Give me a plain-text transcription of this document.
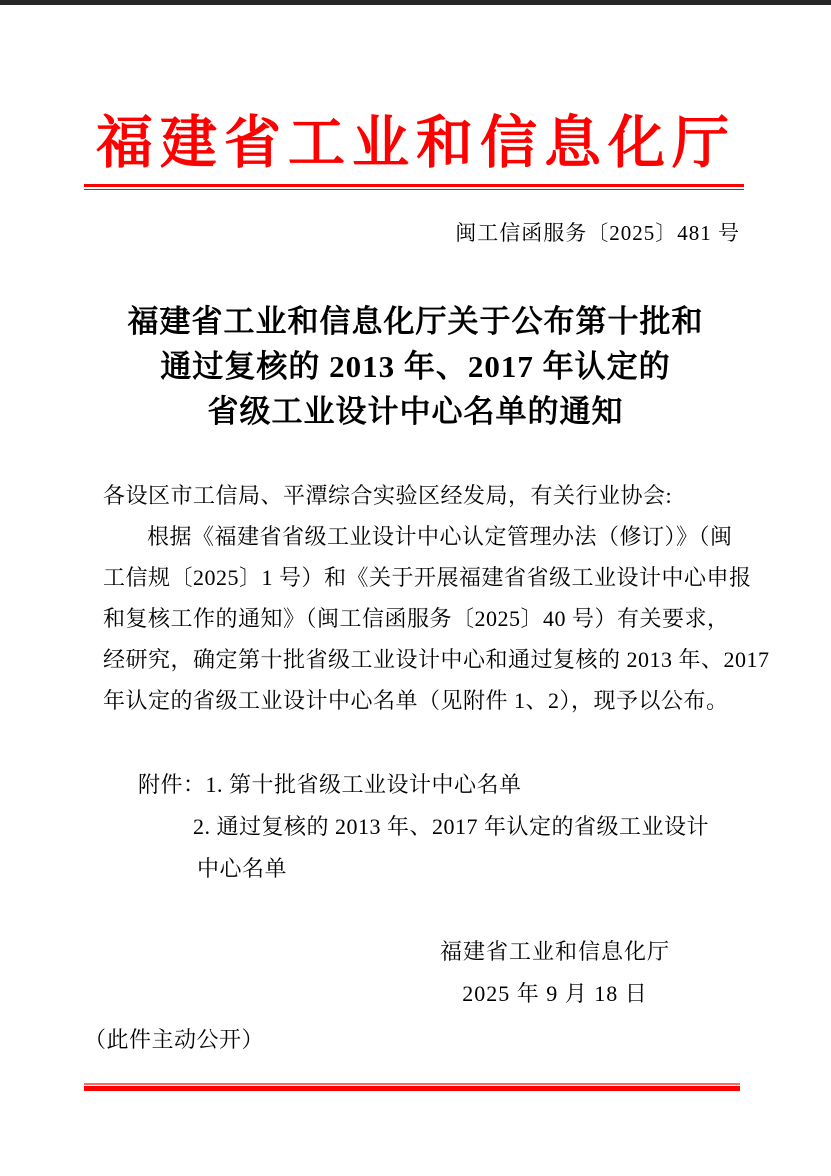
福建省工业和信息化厅
闽工信函服务〔2025〕481 号
福建省工业和信息化厅关于公布第十批和
通过复核的 2013 年、2017 年认定的
省级工业设计中心名单的通知
各设区市工信局、平潭综合实验区经发局，有关行业协会:
根据《福建省省级工业设计中心认定管理办法（修订）》（闽
工信规〔2025〕1 号）和《关于开展福建省省级工业设计中心申报
和复核工作的通知》（闽工信函服务〔2025〕40 号）有关要求，
经研究，确定第十批省级工业设计中心和通过复核的 2013 年、2017
年认定的省级工业设计中心名单（见附件 1、2），现予以公布。
附件：1. 第十批省级工业设计中心名单
2. 通过复核的 2013 年、2017 年认定的省级工业设计
中心名单
福建省工业和信息化厅
2025 年 9 月 18 日
（此件主动公开）
